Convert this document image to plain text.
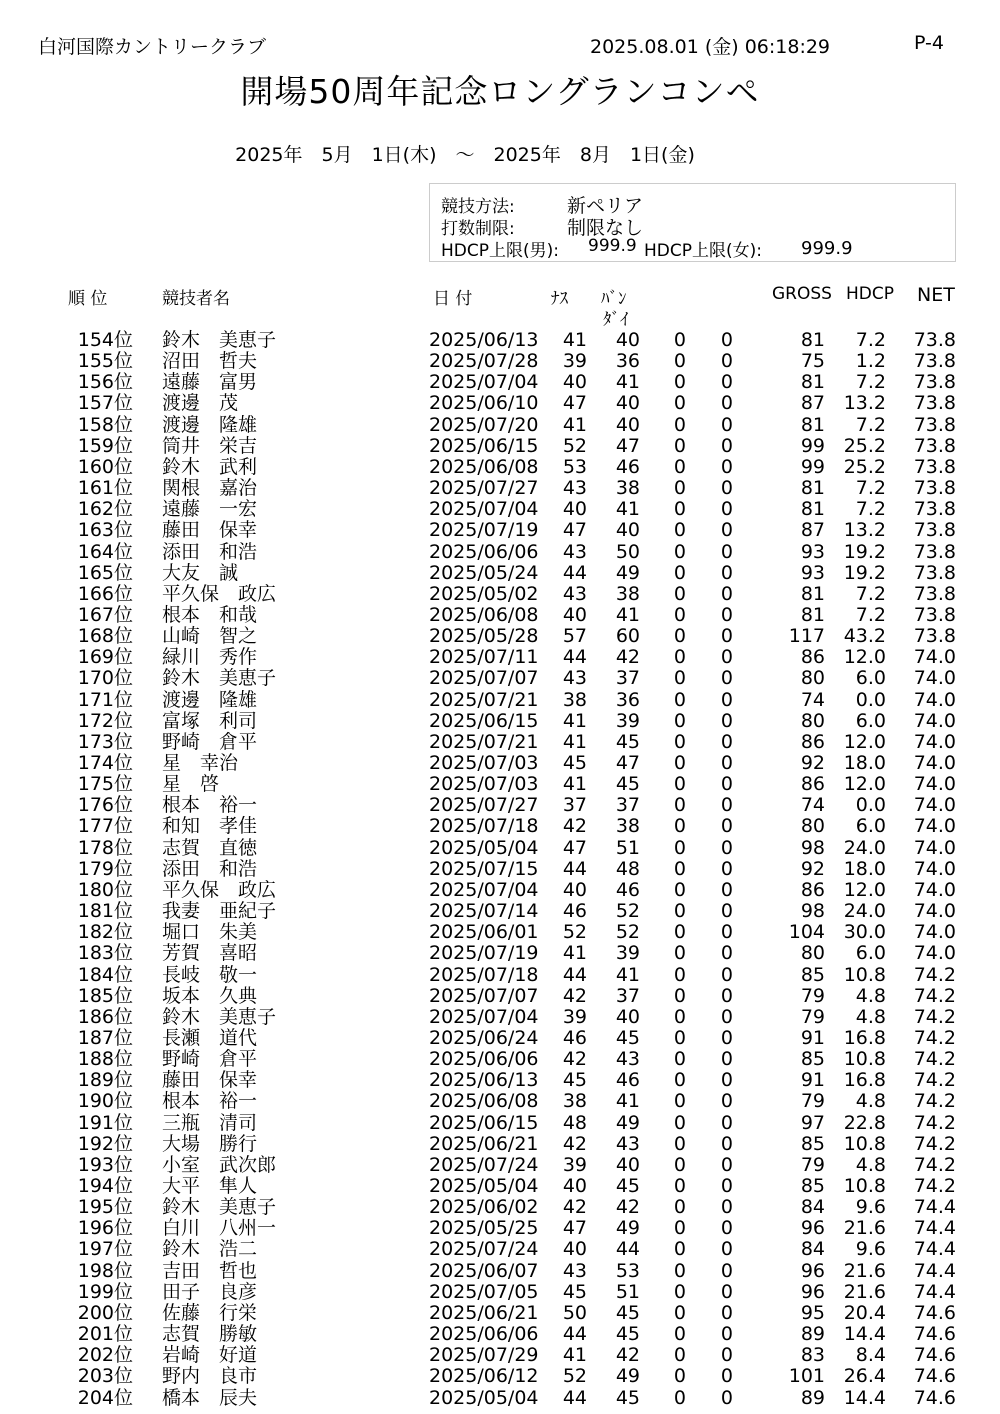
白河国際カントリークラブ	2025.08.01 (金) 06:18:29	P-4
開場50周年記念ロングランコンペ
2025年　5月　1日(木)　～　2025年　8月　1日(金)
競技方法:	新ペリア
打数制限:	制限なし
HDCP上限(男): 999.9 HDCP上限(女): 999.9
順 位	競技者名	日 付	ﾅｽ ﾊﾞﾝ
ﾀﾞｲ
GROSS HDCP NET
154位 鈴木　美恵子	2025/06/13	41	40	0	0	81	7.2	73.8
155位 沼田　哲夫	2025/07/28	39	36	0	0	75	1.2	73.8
156位 遠藤　富男	2025/07/04	40	41	0	0	81	7.2	73.8
157位 渡邊　茂	2025/06/10	47	40	0	0	87 13.2	73.8
158位 渡邊　隆雄	2025/07/20	41	40	0	0	81	7.2	73.8
159位 筒井　栄吉	2025/06/15	52	47	0	0	99 25.2	73.8
160位 鈴木　武利	2025/06/08	53	46	0	0	99 25.2	73.8
161位 関根　嘉治	2025/07/27	43	38	0	0	81	7.2	73.8
162位 遠藤　一宏	2025/07/04	40	41	0	0	81	7.2	73.8
163位 藤田　保幸	2025/07/19	47	40	0	0	87 13.2	73.8
164位 添田　和浩	2025/06/06	43	50	0	0	93 19.2	73.8
165位 大友　誠	2025/05/24	44	49	0	0	93 19.2	73.8
166位 平久保　政広	2025/05/02	43	38	0	0	81	7.2	73.8
167位 根本　和哉	2025/06/08	40	41	0	0	81	7.2	73.8
168位 山崎　智之	2025/05/28	57	60	0	0	117 43.2	73.8
169位 緑川　秀作	2025/07/11	44	42	0	0	86 12.0	74.0
170位 鈴木　美恵子	2025/07/07	43	37	0	0	80	6.0	74.0
171位 渡邊　隆雄	2025/07/21	38	36	0	0	74	0.0	74.0
172位 富塚　利司	2025/06/15	41	39	0	0	80	6.0	74.0
173位 野崎　倉平	2025/07/21	41	45	0	0	86 12.0	74.0
174位 星　幸治	2025/07/03	45	47	0	0	92 18.0	74.0
175位 星　啓	2025/07/03	41	45	0	0	86 12.0	74.0
176位 根本　裕一	2025/07/27	37	37	0	0	74	0.0	74.0
177位 和知　孝佳	2025/07/18	42	38	0	0	80	6.0	74.0
178位 志賀　直徳	2025/05/04	47	51	0	0	98 24.0	74.0
179位 添田　和浩	2025/07/15	44	48	0	0	92 18.0	74.0
180位 平久保　政広	2025/07/04	40	46	0	0	86 12.0	74.0
181位 我妻　亜紀子	2025/07/14	46	52	0	0	98 24.0	74.0
182位 堀口　朱美	2025/06/01	52	52	0	0	104 30.0	74.0
183位 芳賀　喜昭	2025/07/19	41	39	0	0	80	6.0	74.0
184位 長岐　敬一	2025/07/18	44	41	0	0	85 10.8	74.2
185位 坂本　久典	2025/07/07	42	37	0	0	79	4.8	74.2
186位 鈴木　美恵子	2025/07/04	39	40	0	0	79	4.8	74.2
187位 長瀬　道代	2025/06/24	46	45	0	0	91 16.8	74.2
188位 野崎　倉平	2025/06/06	42	43	0	0	85 10.8	74.2
189位 藤田　保幸	2025/06/13	45	46	0	0	91 16.8	74.2
190位 根本　裕一	2025/06/08	38	41	0	0	79	4.8	74.2
191位 三瓶　清司	2025/06/15	48	49	0	0	97 22.8	74.2
192位 大場　勝行	2025/06/21	42	43	0	0	85 10.8	74.2
193位 小室　武次郎	2025/07/24	39	40	0	0	79	4.8	74.2
194位 大平　隼人	2025/05/04	40	45	0	0	85 10.8	74.2
195位 鈴木　美恵子	2025/06/02	42	42	0	0	84	9.6	74.4
196位 白川　八州一	2025/05/25	47	49	0	0	96 21.6	74.4
197位 鈴木　浩二	2025/07/24	40	44	0	0	84	9.6	74.4
198位 吉田　哲也	2025/06/07	43	53	0	0	96 21.6	74.4
199位 田子　良彦	2025/07/05	45	51	0	0	96 21.6	74.4
200位 佐藤　行栄	2025/06/21	50	45	0	0	95 20.4	74.6
201位 志賀　勝敏	2025/06/06	44	45	0	0	89 14.4	74.6
202位 岩崎　好道	2025/07/29	41	42	0	0	83	8.4	74.6
203位 野内　良市	2025/06/12	52	49	0	0	101 26.4	74.6
204位 橋本　辰夫	2025/05/04	44	45	0	0	89 14.4	74.6
